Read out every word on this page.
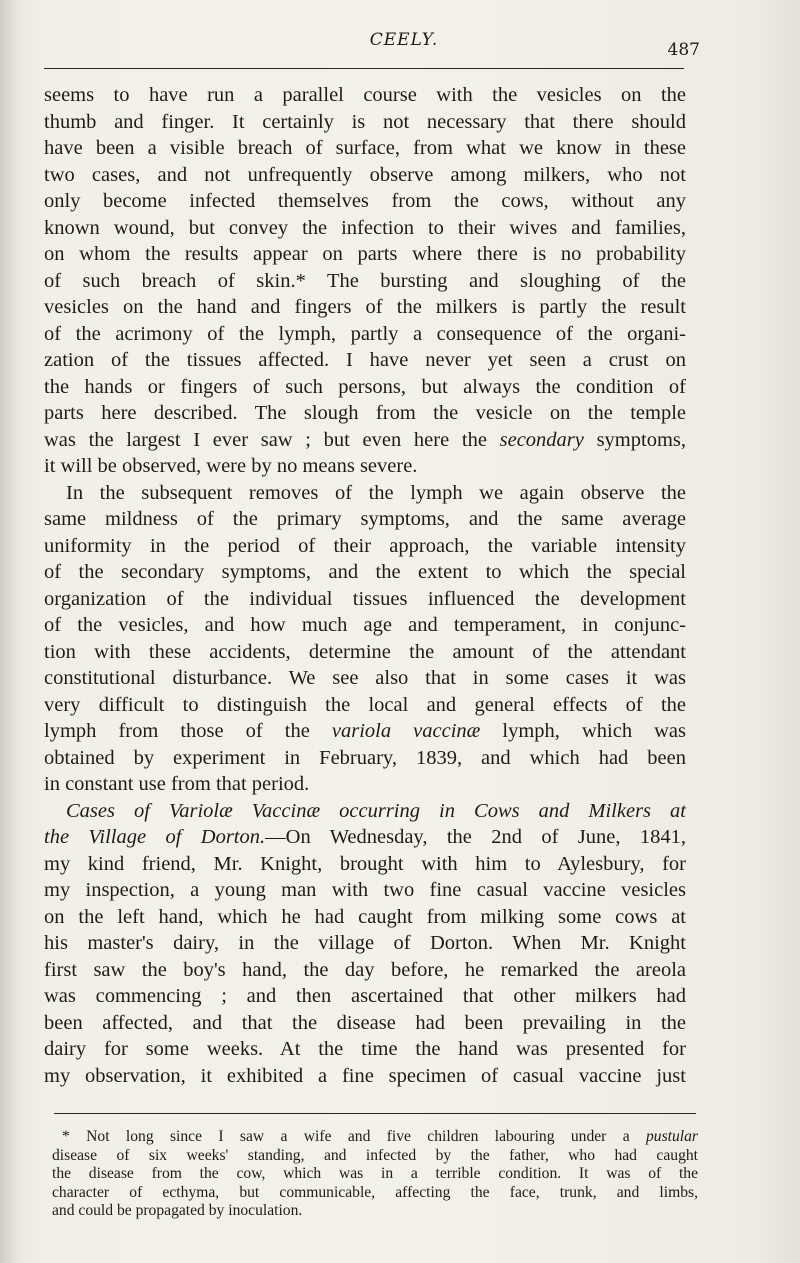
CEELY.	487
seems to have run a parallel course with the vesicles on the
thumb and finger. It certainly is not necessary that there should
have been a visible breach of surface, from what we know in these
two cases, and not unfrequently observe among milkers, who not
only become infected themselves from the cows, without any
known wound, but convey the infection to their wives and families,
on whom the results appear on parts where there is no probability
of such breach of skin.* The bursting and sloughing of the
vesicles on the hand and fingers of the milkers is partly the result
of the acrimony of the lymph, partly a consequence of the organi-
zation of the tissues affected. I have never yet seen a crust on
the hands or fingers of such persons, but always the condition of
parts here described. The slough from the vesicle on the temple
was the largest I ever saw ; but even here the secondary symptoms,
it will be observed, were by no means severe.
In the subsequent removes of the lymph we again observe the
same mildness of the primary symptoms, and the same average
uniformity in the period of their approach, the variable intensity
of the secondary symptoms, and the extent to which the special
organization of the individual tissues influenced the development
of the vesicles, and how much age and temperament, in conjunc-
tion with these accidents, determine the amount of the attendant
constitutional disturbance. We see also that in some cases it was
very difficult to distinguish the local and general effects of the
lymph from those of the variola vaccinæ lymph, which was
obtained by experiment in February, 1839, and which had been
in constant use from that period.
Cases of Variolæ Vaccinæ occurring in Cows and Milkers at
the Village of Dorton.—On Wednesday, the 2nd of June, 1841,
my kind friend, Mr. Knight, brought with him to Aylesbury, for
my inspection, a young man with two fine casual vaccine vesicles
on the left hand, which he had caught from milking some cows at
his master's dairy, in the village of Dorton. When Mr. Knight
first saw the boy's hand, the day before, he remarked the areola
was commencing ; and then ascertained that other milkers had
been affected, and that the disease had been prevailing in the
dairy for some weeks. At the time the hand was presented for
my observation, it exhibited a fine specimen of casual vaccine just
* Not long since I saw a wife and five children labouring under a pustular
disease of six weeks' standing, and infected by the father, who had caught
the disease from the cow, which was in a terrible condition. It was of the
character of ecthyma, but communicable, affecting the face, trunk, and limbs,
and could be propagated by inoculation.
